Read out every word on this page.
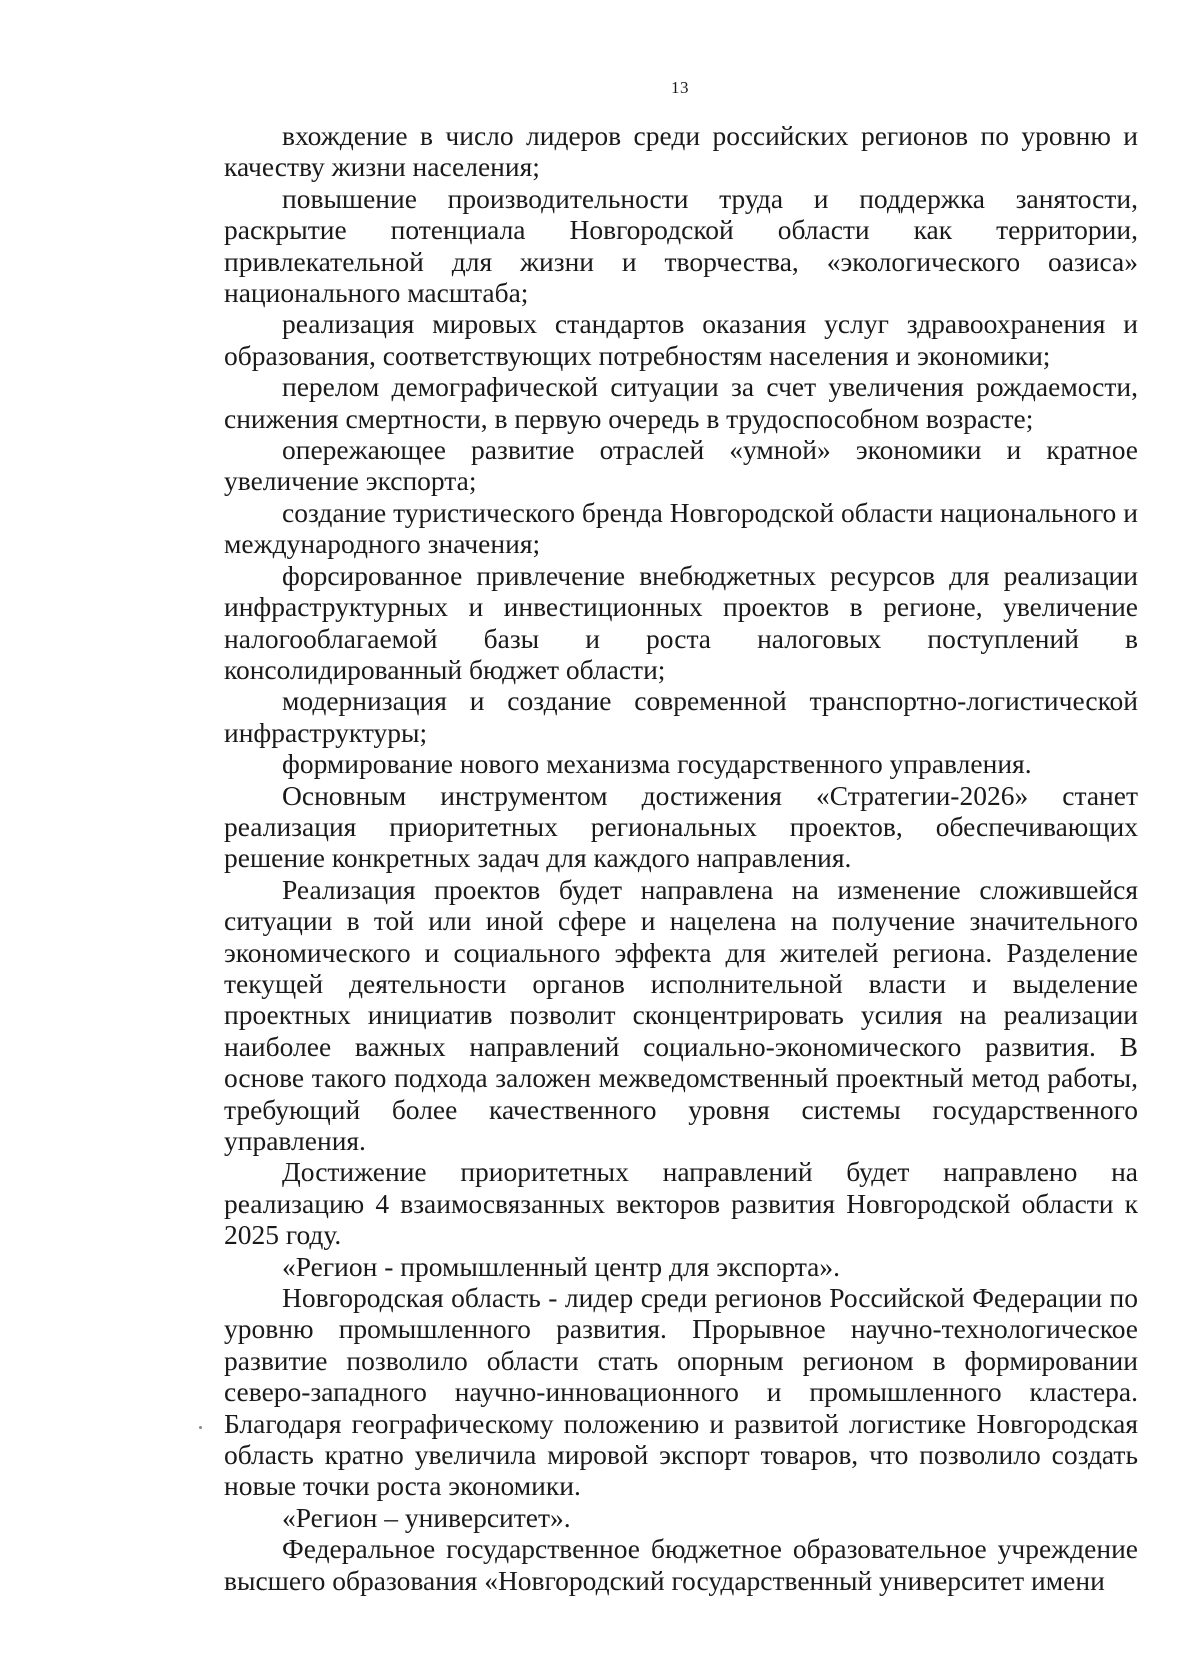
13

вхождение в число лидеров среди российских регионов по уровню и качеству жизни населения;

повышение производительности труда и поддержка занятости, раскрытие потенциала Новгородской области как территории, привлекательной для жизни и творчества, «экологического оазиса» национального масштаба;

реализация мировых стандартов оказания услуг здравоохранения и образования, соответствующих потребностям населения и экономики;

перелом демографической ситуации за счет увеличения рождаемости, снижения смертности, в первую очередь в трудоспособном возрасте;

опережающее развитие отраслей «умной» экономики и кратное увеличение экспорта;

создание туристического бренда Новгородской области национального и международного значения;

форсированное привлечение внебюджетных ресурсов для реализации инфраструктурных и инвестиционных проектов в регионе, увеличение налогооблагаемой базы и роста налоговых поступлений в консолидированный бюджет области;

модернизация и создание современной транспортно-логистической инфраструктуры;

формирование нового механизма государственного управления.

Основным инструментом достижения «Стратегии-2026» станет реализация приоритетных региональных проектов, обеспечивающих решение конкретных задач для каждого направления.

Реализация проектов будет направлена на изменение сложившейся ситуации в той или иной сфере и нацелена на получение значительного экономического и социального эффекта для жителей региона. Разделение текущей деятельности органов исполнительной власти и выделение проектных инициатив позволит сконцентрировать усилия на реализации наиболее важных направлений социально-экономического развития. В основе такого подхода заложен межведомственный проектный метод работы, требующий более качественного уровня системы государственного управления.

Достижение приоритетных направлений будет направлено на реализацию 4 взаимосвязанных векторов развития Новгородской области к 2025 году.

«Регион - промышленный центр для экспорта».

Новгородская область - лидер среди регионов Российской Федерации по уровню промышленного развития. Прорывное научно-технологическое развитие позволило области стать опорным регионом в формировании северо-западного научно-инновационного и промышленного кластера. Благодаря географическому положению и развитой логистике Новгородская область кратно увеличила мировой экспорт товаров, что позволило создать новые точки роста экономики.

«Регион – университет».

Федеральное государственное бюджетное образовательное учреждение высшего образования «Новгородский государственный университет имени
